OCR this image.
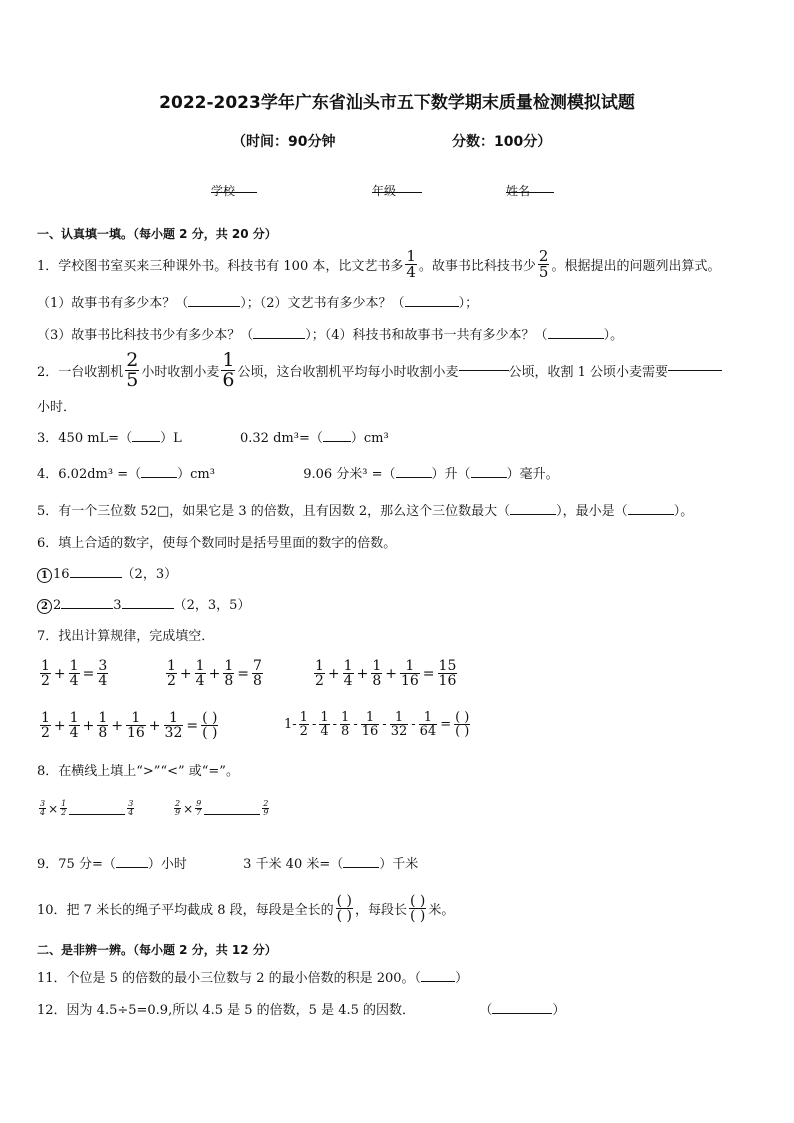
2022-2023学年广东省汕头市五下数学期末质量检测模拟试题
（时间：90分钟	分数：100分）
学校	年级	姓名
一、认真填一填。（每小题 2 分，共 20 分）
1．学校图书室买来三种课外书。科技书有 100 本，比文艺书多 $\frac{1}{4}$ 。故事书比科技书少 $\frac{2}{5}$ 。根据提出的问题列出算式。
（1）故事书有多少本？（	）；（2）文艺书有多少本？（	）；
（3）故事书比科技书少有多少本？（	）；（4）科技书和故事书一共有多少本？（	）。
2．一台收割机 $\frac{2}{5}$ 小时收割小麦 $\frac{1}{6}$ 公顷，这台收割机平均每小时收割小麦	公顷，收割 1 公顷小麦需要
小时．
3．450 mL=（ ）L	0.32 dm³=（ ）cm³
4．6.02dm³ =（	）cm³	9.06 分米³ =（	）升（	）毫升。
5．有一个三位数 52□，如果它是 3 的倍数，且有因数 2，那么这个三位数最大（	），最小是（	）。
6．填上合适的数字，使每个数同时是括号里面的数字的倍数。
1 16	（2，3）
2 2	3	（2，3，5）
7．找出计算规律，完成填空．
$\frac{1}{2} + \frac{1}{4} = \frac{3}{4}$	$\frac{1}{2} + \frac{1}{4} + \frac{1}{8} = \frac{7}{8}$	$\frac{1}{2} + \frac{1}{4} + \frac{1}{8} + \frac{1}{16} = \frac{15}{16}$
$\frac{1}{2} + \frac{1}{4} + \frac{1}{8} + \frac{1}{16} + \frac{1}{32} = \frac{( )}{( )}$	$1- \frac{1}{2} - \frac{1}{4} - \frac{1}{8} - \frac{1}{16} - \frac{1}{32} - \frac{1}{64} = \frac{( )}{( )}$
8．在横线上填上“>”“<” 或“=”。
$\frac{3}{4} \times \frac{1}{2}$	$\frac{3}{4}$	$\frac{2}{9} \times \frac{9}{7}$	$\frac{2}{9}$
9．75 分=（ ）小时	3 千米 40 米=（	）千米
10．把 7 米长的绳子平均截成 8 段，每段是全长的 $\frac{( )}{( )}$ ，每段长 $\frac{( )}{( )}$ 米。
二、是非辨一辨。（每小题 2 分，共 12 分）
11．个位是 5 的倍数的最小三位数与 2 的最小倍数的积是 200。（	）
12．因为 4.5÷5=0.9,所以 4.5 是 5 的倍数，5 是 4.5 的因数．	（	）
